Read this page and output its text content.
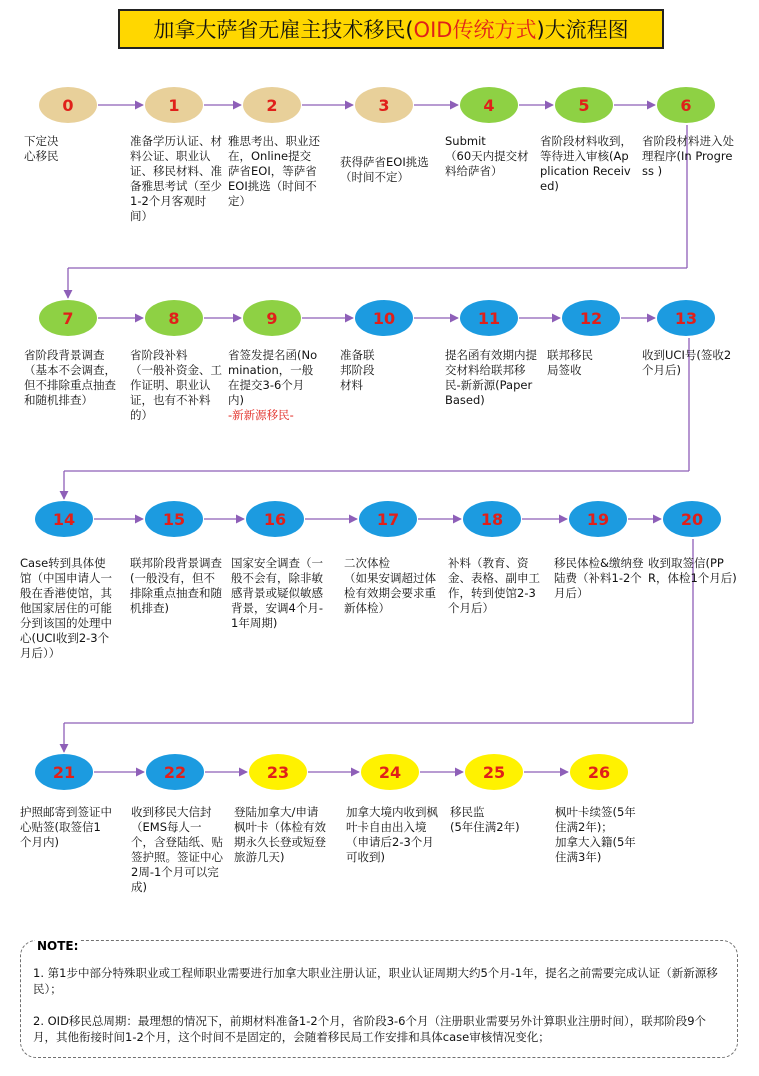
加拿大萨省无雇主技术移民( OID传统方式 )大流程图
0
下定决
心移民
1
准备学历认证、材料公证、职业认证、移民材料、准备雅思考试（至少1-2个月客观时间）
2
雅思考出、职业还在，Online提交萨省EOI，等萨省EOI挑选（时间不定）
3
获得萨省EOI挑选（时间不定）
4
Submit
（60天内提交材料给萨省）
5
省阶段材料收到，等待进入审核(Application Received)
6
省阶段材料进入处理程序(In Progress )
7
省阶段背景调查（基本不会调查，但不排除重点抽查和随机排查）
8
省阶段补料
（一般补资金、工作证明、职业认证，也有不补料的）
9
省签发提名函(Nomination，一般在提交3-6个月内)
-新新源移民-
10
准备联
邦阶段
材料
11
提名函有效期内提交材料给联邦移民-新新源(Paper Based)
12
联邦移民
局签收
13
收到UCI号(签收2个月后)
14
Case转到具体使馆（中国申请人一般在香港使馆，其他国家居住的可能分到该国的处理中心(UCI收到2-3个月后））
15
联邦阶段背景调查(一般没有，但不排除重点抽查和随机排查)
16
国家安全调查（一般不会有，除非敏感背景或疑似敏感背景，安调4个月-1年周期)
17
二次体检
（如果安调超过体检有效期会要求重新体检）
18
补料（教育、资金、表格、副申工作，转到使馆2-3个月后）
19
移民体检&缴纳登陆费（补料1-2个月后）
20
收到取签信(PPR，体检1个月后)
21
护照邮寄到签证中心贴签(取签信1个月内)
22
收到移民大信封（EMS每人一个，含登陆纸、贴签护照。签证中心2周-1个月可以完成)
23
登陆加拿大/申请枫叶卡（体检有效期永久长登或短登旅游几天)
24
加拿大境内收到枫叶卡自由出入境（申请后2-3个月可收到)
25
移民监
(5年住满2年)
26
枫叶卡续签(5年住满2年)；
加拿大入籍(5年住满3年)
NOTE:
1. 第1步中部分特殊职业或工程师职业需要进行加拿大职业注册认证，职业认证周期大约5个月-1年，提名之前需要完成认证（新新源移民）；
2. OID移民总周期：最理想的情况下，前期材料准备1-2个月，省阶段3-6个月（注册职业需要另外计算职业注册时间），联邦阶段9个月，其他衔接时间1-2个月，这个时间不是固定的，会随着移民局工作安排和具体case审核情况变化；
